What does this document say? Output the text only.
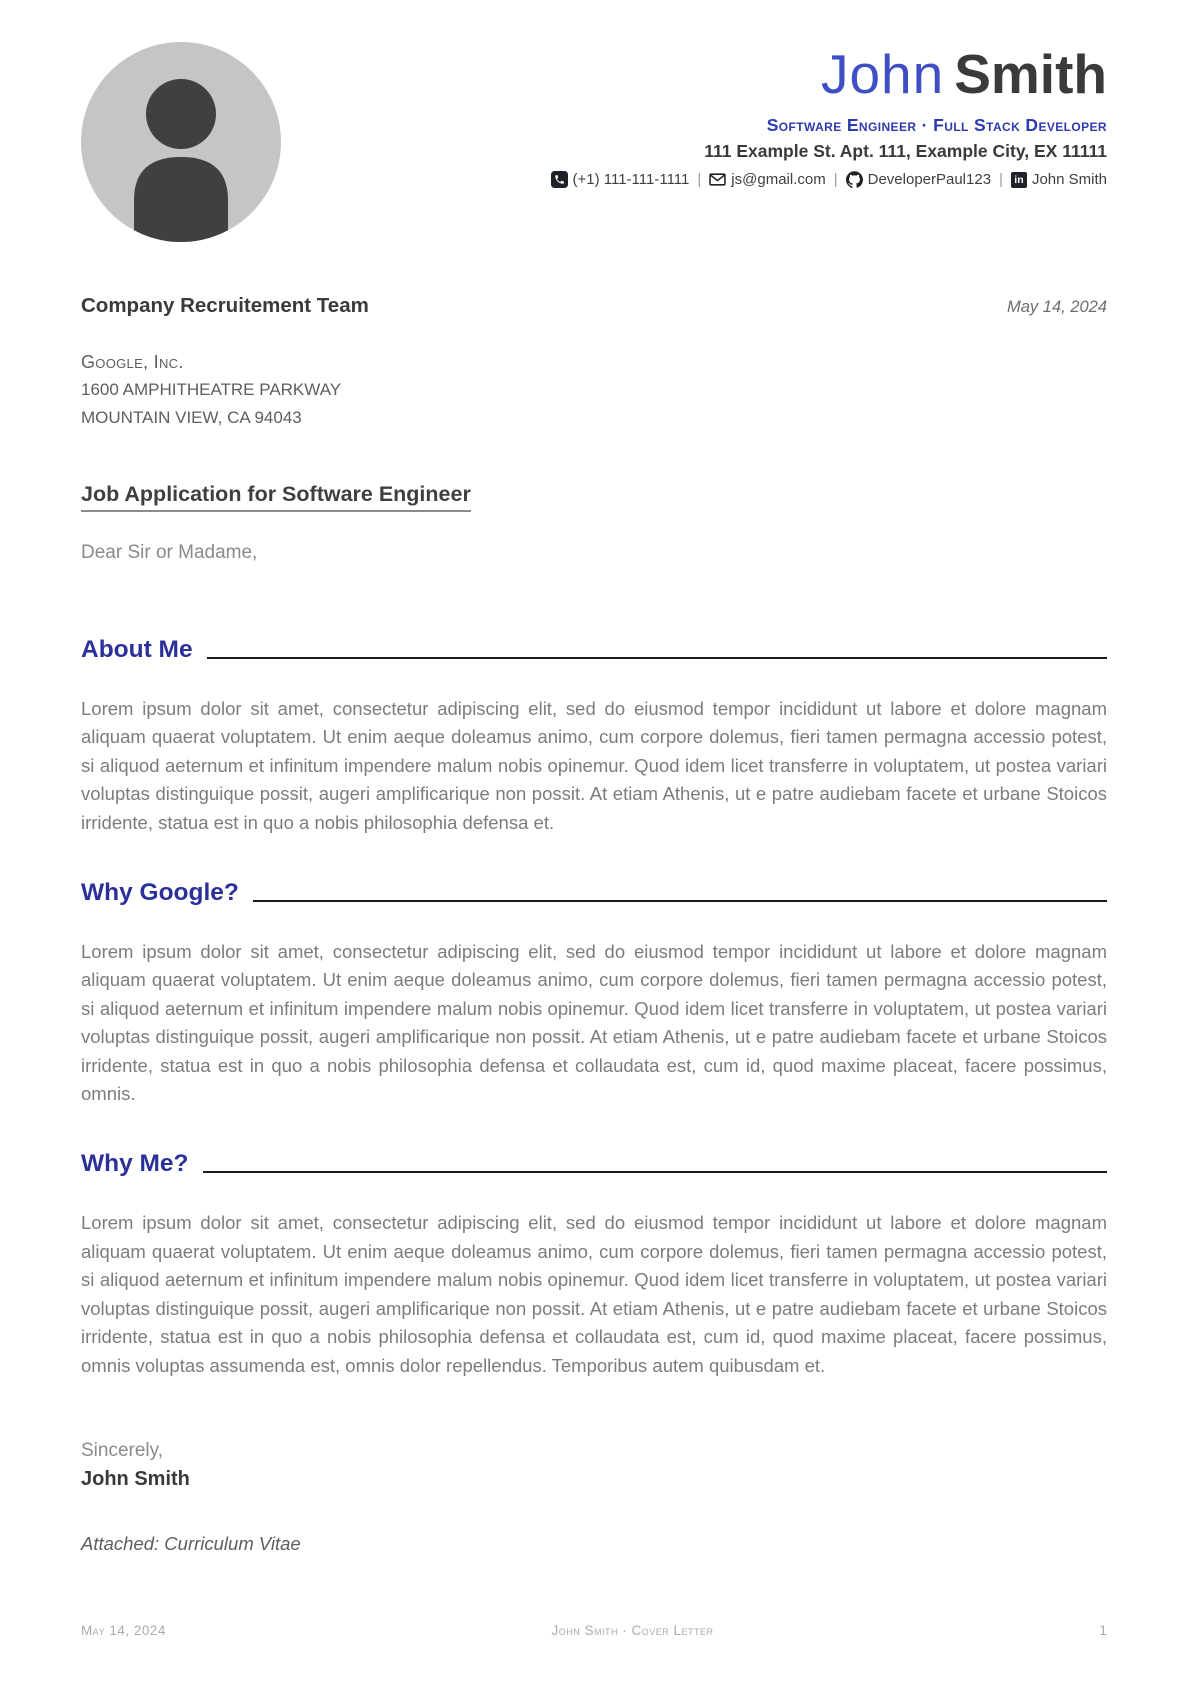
John Smith
Software Engineer · Full Stack Developer
111 Example St. Apt. 111, Example City, EX 11111
(+1) 111-111-1111 | js@gmail.com | DeveloperPaul123 |	in John Smith
Company Recruitement Team	May 14, 2024
Google, Inc.
1600 AMPHITHEATRE PARKWAY
MOUNTAIN VIEW, CA 94043
Job Application for Software Engineer
Dear Sir or Madame,
About Me

Lorem ipsum dolor sit amet, consectetur adipiscing elit, sed do eiusmod tempor incididunt ut labore et dolore magnam aliquam quaerat voluptatem. Ut enim aeque doleamus animo, cum corpore dolemus, fieri tamen permagna accessio potest, si aliquod aeternum et infinitum impendere malum nobis opinemur. Quod idem licet transferre in voluptatem, ut postea variari voluptas distinguique possit, augeri amplificarique non possit. At etiam Athenis, ut e patre audiebam facete et urbane Stoicos irridente, statua est in quo a nobis philosophia defensa et.

Why Google?

Lorem ipsum dolor sit amet, consectetur adipiscing elit, sed do eiusmod tempor incididunt ut labore et dolore magnam aliquam quaerat voluptatem. Ut enim aeque doleamus animo, cum corpore dolemus, fieri tamen permagna accessio potest, si aliquod aeternum et infinitum impendere malum nobis opinemur. Quod idem licet transferre in voluptatem, ut postea variari voluptas distinguique possit, augeri amplificarique non possit. At etiam Athenis, ut e patre audiebam facete et urbane Stoicos irridente, statua est in quo a nobis philosophia defensa et collaudata est, cum id, quod maxime placeat, facere possimus, omnis.

Why Me?

Lorem ipsum dolor sit amet, consectetur adipiscing elit, sed do eiusmod tempor incididunt ut labore et dolore magnam aliquam quaerat voluptatem. Ut enim aeque doleamus animo, cum corpore dolemus, fieri tamen permagna accessio potest, si aliquod aeternum et infinitum impendere malum nobis opinemur. Quod idem licet transferre in voluptatem, ut postea variari voluptas distinguique possit, augeri amplificarique non possit. At etiam Athenis, ut e patre audiebam facete et urbane Stoicos irridente, statua est in quo a nobis philosophia defensa et collaudata est, cum id, quod maxime placeat, facere possimus, omnis voluptas assumenda est, omnis dolor repellendus. Temporibus autem quibusdam et.

Sincerely,
John Smith
Attached: Curriculum Vitae
May 14, 2024	John Smith · Cover Letter	1
